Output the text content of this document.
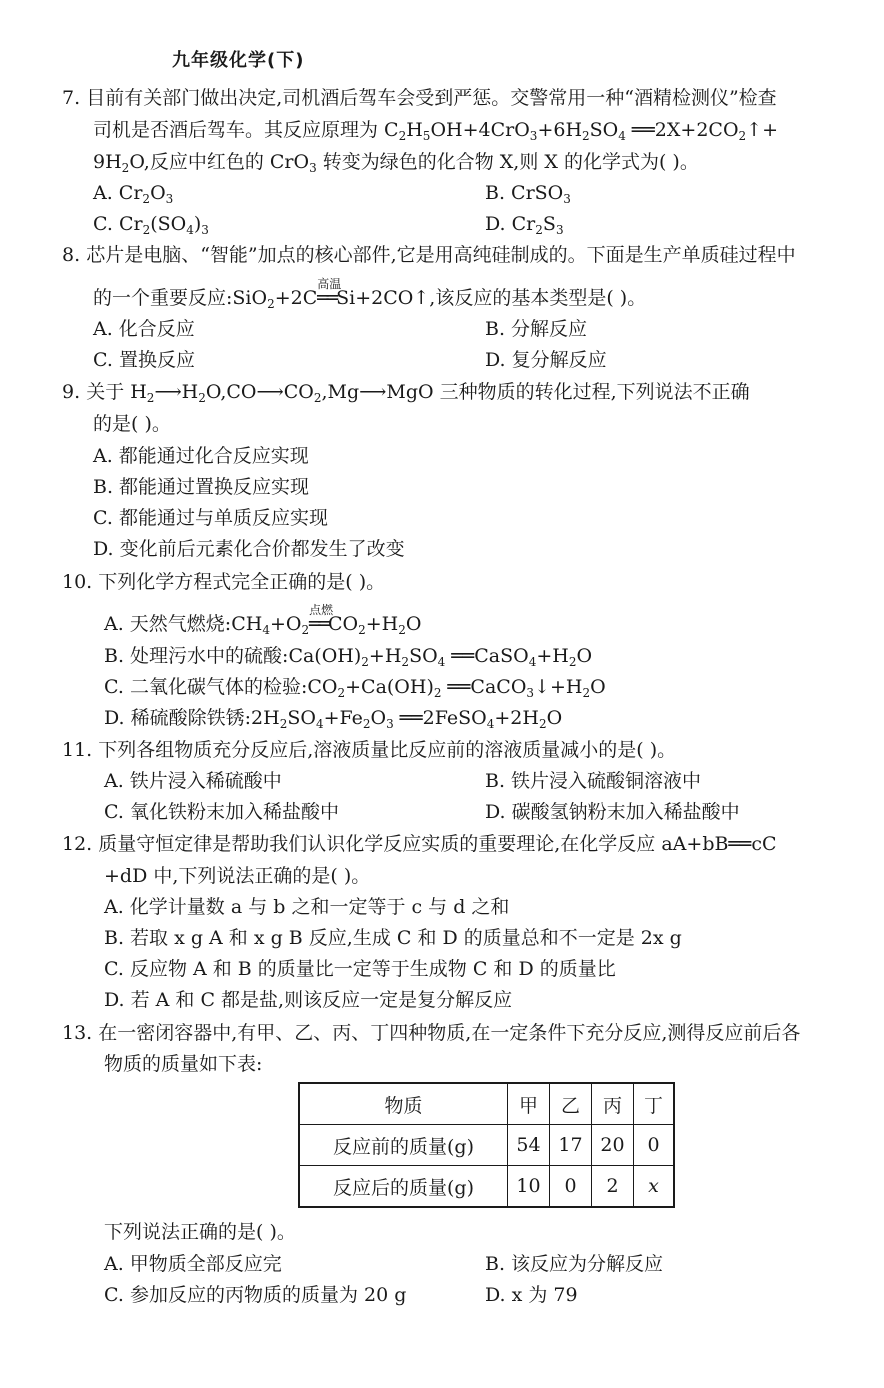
九年级化学(下)
7. 目前有关部门做出决定,司机酒后驾车会受到严惩。交警常用一种“酒精检测仪”检查
司机是否酒后驾车。其反应原理为 $C_2H_5OH+4CrO_3+6H_2SO_4$ $══2X+2CO_2↑+$
$9H_2O$,反应中红色的 CrO$_3$ 转变为绿色的化合物 X,则 X 的化学式为( )。
A. $Cr_2O_3$	B. CrSO$_3$
C. $Cr_2(SO_4)_3$	D. $Cr_2S_3$
8. 芯片是电脑、“智能”加点的核心部件,它是用高纯硅制成的。下面是生产单质硅过程中
的一个重要反应:SiO$_2$+2C
高温
══Si+2CO↑,该反应的基本类型是( )。
A. 化合反应	B. 分解反应
C. 置换反应	D. 复分解反应
9. 关于 $H_2⟶H_2O,CO⟶CO_2,Mg⟶MgO$ 三种物质的转化过程,下列说法不正确
的是( )。
A. 都能通过化合反应实现
B. 都能通过置换反应实现
C. 都能通过与单质反应实现
D. 变化前后元素化合价都发生了改变
10. 下列化学方程式完全正确的是( )。
A. 天然气燃烧$:CH_4+O_2$
点燃
$══CO_2+H_2O$
B. 处理污水中的硫酸$:Ca(OH)_2+H_2SO_4$ $══CaSO_4+H_2O$
C. 二氧化碳气体的检验$:CO_2+Ca(OH)_2$ $══CaCO_3↓+H_2O$
D. 稀硫酸除铁锈$:2H_2SO_4+Fe_2O_3$ $══2FeSO_4+2H_2O$
11. 下列各组物质充分反应后,溶液质量比反应前的溶液质量减小的是( )。
A. 铁片浸入稀硫酸中	B. 铁片浸入硫酸铜溶液中
C. 氧化铁粉末加入稀盐酸中	D. 碳酸氢钠粉末加入稀盐酸中
12. 质量守恒定律是帮助我们认识化学反应实质的重要理论,在化学反应 aA+bB══cC
+dD 中,下列说法正确的是( )。
A. 化学计量数 a 与 b 之和一定等于 c 与 d 之和
B. 若取 x g A 和 x g B 反应,生成 C 和 D 的质量总和不一定是 2x g
C. 反应物 A 和 B 的质量比一定等于生成物 C 和 D 的质量比
D. 若 A 和 C 都是盐,则该反应一定是复分解反应
13. 在一密闭容器中,有甲、乙、丙、丁四种物质,在一定条件下充分反应,测得反应前后各
物质的质量如下表:
物质	甲	乙	丙	丁
反应前的质量(g)	54	17	20	0
反应后的质量(g)	10	0	2	x
下列说法正确的是( )。
A. 甲物质全部反应完	B. 该反应为分解反应
C. 参加反应的丙物质的质量为 20 g	D. x 为 79
